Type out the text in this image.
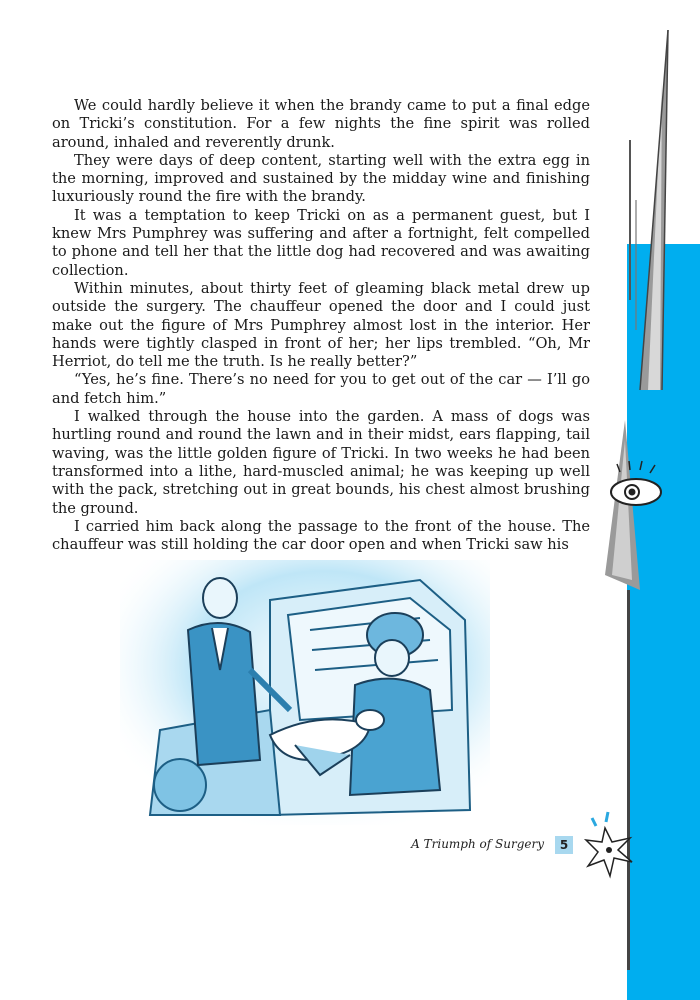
We could hardly believe it when the brandy came to put a final edge on Tricki’s constitution. For a few nights the fine spirit was rolled around, inhaled and reverently drunk.

They were days of deep content, starting well with the extra egg in the morning, improved and sustained by the midday wine and finishing luxuriously round the fire with the brandy.

It was a temptation to keep Tricki on as a permanent guest, but I knew Mrs Pumphrey was suffering and after a fortnight, felt compelled to phone and tell her that the little dog had recovered and was awaiting collection.

Within minutes, about thirty feet of gleaming black metal drew up outside the surgery. The chauffeur opened the door and I could just make out the figure of Mrs Pumphrey almost lost in the interior. Her hands were tightly clasped in front of her; her lips trembled. “Oh, Mr Herriot, do tell me the truth. Is he really better?”

“Yes, he’s fine. There’s no need for you to get out of the car — I’ll go and fetch him.”

I walked through the house into the garden. A mass of dogs was hurtling round and round the lawn and in their midst, ears flapping, tail waving, was the little golden figure of Tricki. In two weeks he had been transformed into a lithe, hard-muscled animal; he was keeping up well with the pack, stretching out in great bounds, his chest almost brushing the ground.

I carried him back along the passage to the front of the house. The chauffeur was still holding the car door open and when Tricki saw his

A Triumph of Surgery	5
